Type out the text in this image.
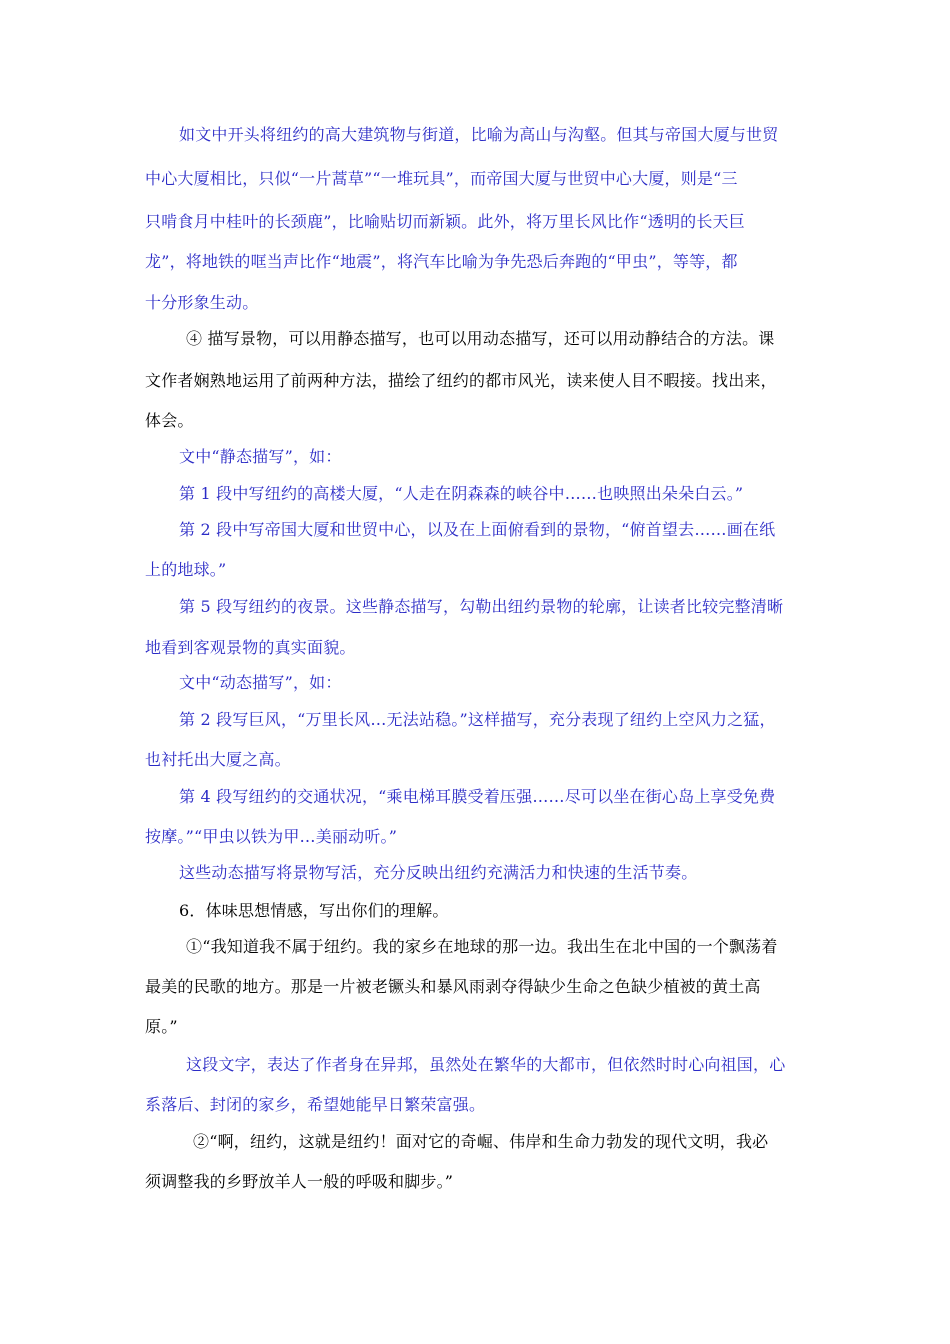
如文中开头将纽约的高大建筑物与街道，比喻为高山与沟壑。但其与帝国大厦与世贸
中心大厦相比，只似“一片蒿草”“一堆玩具”，而帝国大厦与世贸中心大厦，则是“三
只啃食月中桂叶的长颈鹿”，比喻贴切而新颖。此外，将万里长风比作“透明的长天巨
龙”，将地铁的哐当声比作“地震”，将汽车比喻为争先恐后奔跑的“甲虫”，等等，都
十分形象生动。
④ 描写景物，可以用静态描写，也可以用动态描写，还可以用动静结合的方法。课
文作者娴熟地运用了前两种方法，描绘了纽约的都市风光，读来使人目不暇接。找出来，
体会。
文中“静态描写”，如：
第 1 段中写纽约的高楼大厦，“人走在阴森森的峡谷中……也映照出朵朵白云。”
第 2 段中写帝国大厦和世贸中心，以及在上面俯看到的景物，“俯首望去……画在纸
上的地球。”
第 5 段写纽约的夜景。这些静态描写，勾勒出纽约景物的轮廓，让读者比较完整清晰
地看到客观景物的真实面貌。
文中“动态描写”，如：
第 2 段写巨风，“万里长风…无法站稳。”这样描写，充分表现了纽约上空风力之猛，
也衬托出大厦之高。
第 4 段写纽约的交通状况，“乘电梯耳膜受着压强……尽可以坐在街心岛上享受免费
按摩。”“甲虫以铁为甲…美丽动听。”
这些动态描写将景物写活，充分反映出纽约充满活力和快速的生活节奏。
6．体味思想情感，写出你们的理解。
①“我知道我不属于纽约。我的家乡在地球的那一边。我出生在北中国的一个飘荡着
最美的民歌的地方。那是一片被老镢头和暴风雨剥夺得缺少生命之色缺少植被的黄土高
原。”
这段文字，表达了作者身在异邦，虽然处在繁华的大都市，但依然时时心向祖国，心
系落后、封闭的家乡，希望她能早日繁荣富强。
②“啊，纽约，这就是纽约！面对它的奇崛、伟岸和生命力勃发的现代文明，我必
须调整我的乡野放羊人一般的呼吸和脚步。”
